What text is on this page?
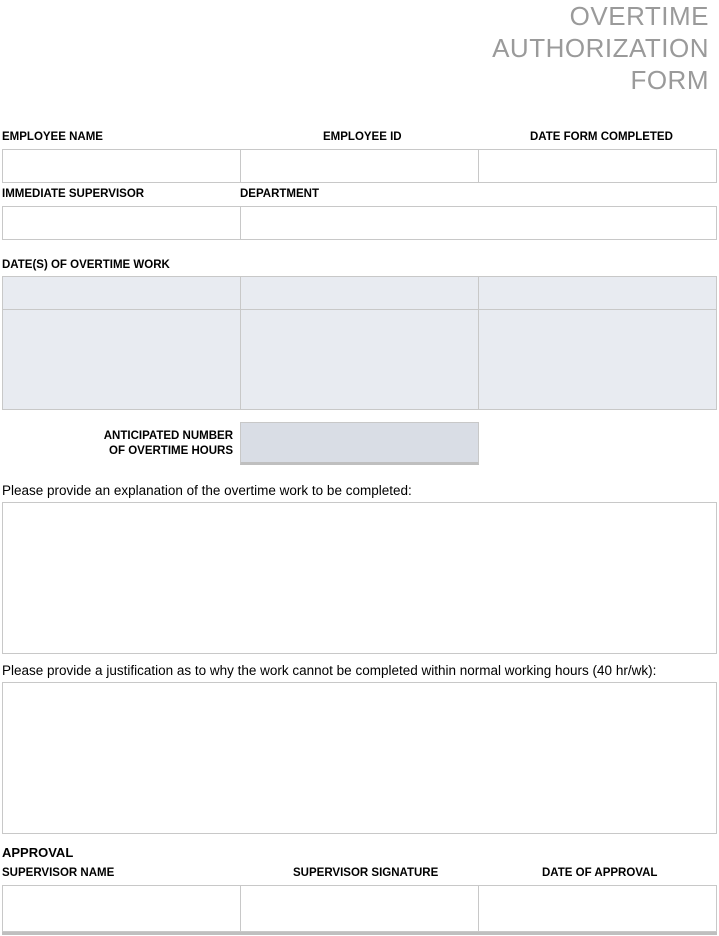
OVERTIME
AUTHORIZATION
FORM
EMPLOYEE NAME	EMPLOYEE ID	DATE FORM COMPLETED
IMMEDIATE SUPERVISOR	DEPARTMENT
DATE(S) OF OVERTIME WORK
ANTICIPATED NUMBER
OF OVERTIME HOURS
Please provide an explanation of the overtime work to be completed:
Please provide a justification as to why the work cannot be completed within normal working hours (40 hr/wk):
APPROVAL
SUPERVISOR NAME	SUPERVISOR SIGNATURE	DATE OF APPROVAL
